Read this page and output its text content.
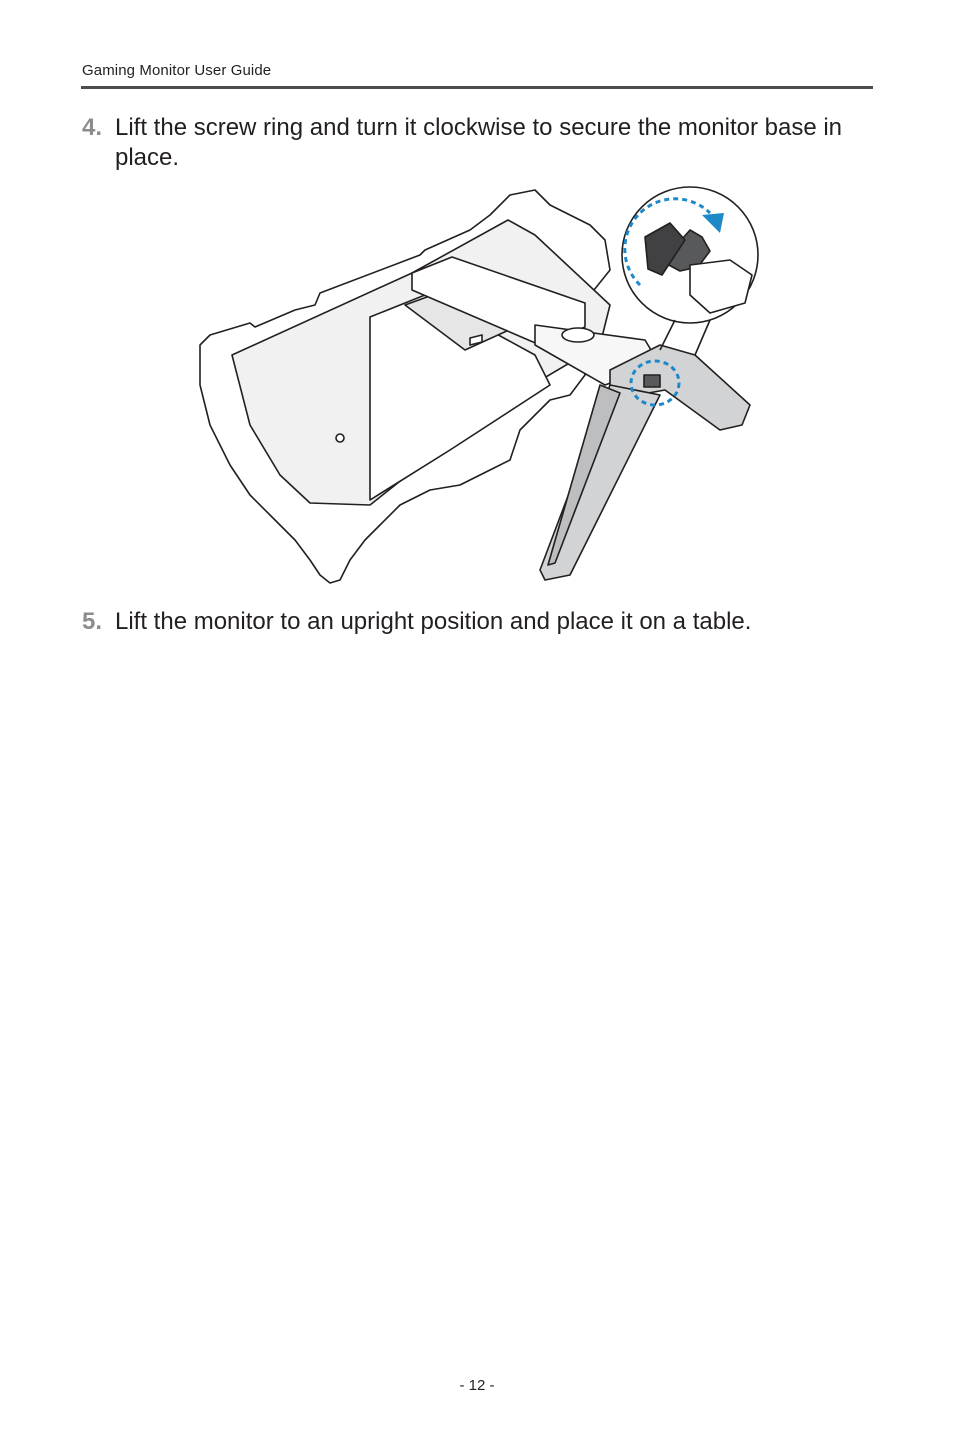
Gaming Monitor User Guide
4. Lift the screw ring and turn it clockwise to secure the monitor base in place.
5. Lift the monitor to an upright position and place it on a table.
- 12 -
